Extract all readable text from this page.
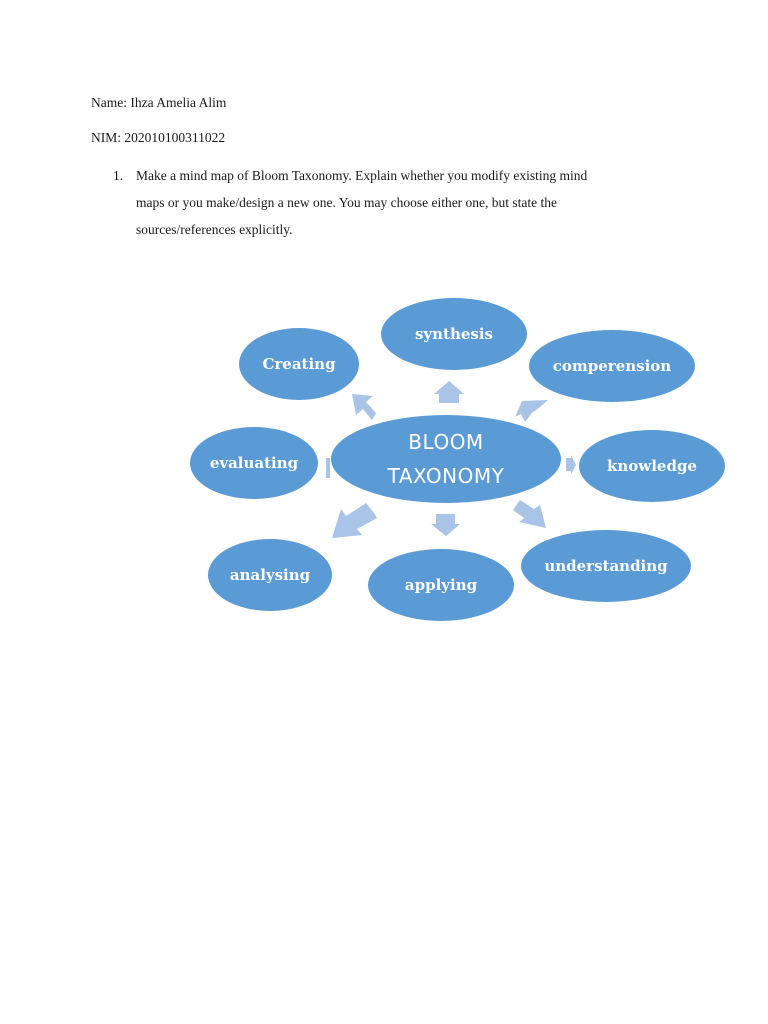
Name: Ihza Amelia Alim
NIM: 202010100311022
1. Make a mind map of Bloom Taxonomy. Explain whether you modify existing mind
maps or you make/design a new one. You may choose either one, but state the
sources/references explicitly.
synthesis
Creating	comperension
evaluating	knowledge
analysing
applying
understanding
BLOOM
TAXONOMY
